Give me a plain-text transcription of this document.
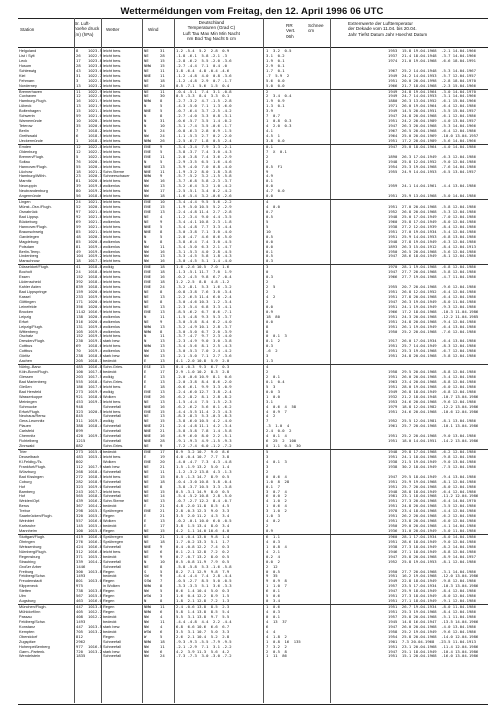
Wetterméldungen vom Freitag, den 12. April 1996 06 UTC
Station
Br. Luft-
hoehe druck
(m) (hPa)
Wetter	Wind
Deutschland
Temperaturen (Grad C)
Luft Tau Max Min Min Nacht
nm Bod Tag Nacht 5 cm
RR
Vert.
06h
Schnee
cm
Extremwerte der Lufttemperatur
der Dekade vom 11.04. bis 20.04.
Jahr Tiefst Datum Jahr Hoechst Datum
Helgoland	8	1023.5 leicht bew.	NE	31	1.2 -5.4  5.2  2.8  0.9	1  3.2  0.5	1953  15.8 19.04.1968  -2.1 14.04.1966
List / Sylt	26 1022.9 leicht bew.	NE	28	-1.8 -6.1  5.8 -2.1 -3	3.1  0.2	1937  21.4 18.04.1948  -3.7 14.04.1966
Leck	17 1023.8 leicht bew.	NE	15	-2.8 -6.2  5.5 -2.0 -3.6	1.9  0.1	1974  21.0 19.04.1968  -6.6 18.04.1991
Husum	28 1023.8 leicht bew.	NNW 15	-2.7 -4.4  7.1  0.4 -0	2.9  0.1
Schleswig	43 1023.0 leicht bew.	NE	11	1.8 -6.4  4.8 -0.4 -4.6	1.7  0.1	1967  25.2 14.04.1948  -5.3 14.04.1967
Kiel	31 1022.7 leicht bew.	NNE 11	-1.2 -4.8  4.0  0.8 -3.6	-7  5.9  2	1949  24.2 14.04.1953  -5.7 12.04.1957
Fehmarn	3	1022.1 leicht bew.	NE	18	-1.2 -4.8  2.9  0.7 -1.7	5.6  0.0	1951  20.0 20.04.1998  -2.8 18.04.1970
Norderney	13 1023.2 leicht bew.	NE	24	0.5 -7.1  5.6  1.5  0.4	5.0  0.0	1966  21.7 18.04.1968  -2.3 15.04.1966
Bremerhaven	11 1022.9 leicht bew.	NE	11	-0.4 -5.1  7.4  3.1 -0.8	2	1949  24.8 19.04.1964  -3.0 14.04.1970
Cuxhaven	12 1022.8 leicht bew.	NE	30	0.5 -3.3  8.4  3.3  0.1	2  3.4  0.4	1949  24.7 14.04.1953  -3.1 14.04.1966
Hamburg-Flugh.	16 1021.9 leicht bew.	NNW 8	-2.7 -3.2  4.7 -1.5 -2.8	1.9  0.9	1880  26.3 13.04.1952  -6.1 15.04.1966
Lübeck	13 1021.9 leicht bew.	N	5	-4.3 -5.0  7.1  1.3 -6.0	1.3  0.1	1971  26.0 19.04.1964  -6.4 12.04.1986
Boltenhagen	15 1021.1 leicht bew.	NNE 5	-0.7 -6.4  3.7 -2.5 -4.2	3.9	1949  14.5 20.04.1951  -5.5 15.04.1957
Schwerin	59 1021.0 leicht bew.	N	8	-2.7 -4.0  3.3  0.8 -3.1	7  0.7	1947  24.8 20.04.1968  -6.1 12.04.1986
Warnemünde	10 1020.3 leicht bew.	N	31	-0.6 -5.7  3.5  1.4 -0.2	1  0.8  0.3	1951  24.2 20.04.1989  -4.0 13.04.1957
Teterow	35 1020.6 leicht bew.	N	10	-3.1 -7.4  3.5 -0.6 -1.7	4  2.0  0.3	1947  26.3 20.04.1968  -5.3 14.04.1966
Berlin	7	1018.2 leicht bew.	N	24	-0.8 -6.3  2.8  0.9 -1.5	4.1	1967  26.5 20.04.1968  -6.4 12.04.1986
Greifswald	6	1018.5 leicht bew.	NW	24	-1.1 -5.3  2.7  0.2 -2.0	4.5  1	1964  25.0 20.04.1969  -10.0 13.04.1957
Ueckermünde	1	1018.1 leicht bew.	NNW 26	-2.5 -6.7  1.8  0.5 -2.4	3.8  0.0	1951  17.2 20.04.1989  -5.6 14.04.1966
Emden	12 1022.8 leicht bew.	ENE 9	-3.4 -3.4  7.9  3.3 -2.1	0.1	1947  25.0 18.04.1964  -4.0 14.04.1986
Oldenburg	12 1022.7 leicht bew.	ENE 5	-3.8 -3.7  7.4  3.0 -4.3	7  X  0.1
Bremen/Flugh.	5	1022.1 leicht bew.	ENE 11	-2.0 -3.8  7.4  3.6 -2.9	2	1890  26.3 17.04.1949  -6.3 12.04.1986
Soltau	76 1020.3 leicht bew.	N	5	-2.9 -3.5  6.5  1.6 -4.6	2	1948  25.8 12.04.1952  -9.0 12.04.1986
Hannover/Flugh.	55 1020.4 leicht bew.	NNE 13	-3.9 -4.0  7.0  0.8 -4.0	0.5  F1	1954  25.3 19.04.1968  -7.6 14.04.1986
Lüchow	18 1021.2 Schn.Sterne	NNE 11	-1.9 -3.2  8.0  1.8 -3.8	9	1955  24.9 14.04.1953  -6.5 13.04.1957
Hamburg/Wilhh.	23 1020.3 Schneeschauer	NNW 9	-5.7 -5.2  3.2 -1.5 -5.8	4.9
Marnitz	81 1020.0 leicht bew.	NW	16	-3.7 -6.8  5.8 -2.3 -3.7	0.1
Neuruppin	39 1019.8 wolkenlos	NW	13	-3.2 -6.4  3.2  1.0 -4.2	0.0	1959  24.1 14.04.1961  -4.4 13.04.1986
Neubrandenburg	80 1019.2 leicht bew.	NW	17	-2.5 -5.1  3.4  0.2 -4.2	4.7  0.0
Angermünde	56 1018.8 leicht bew.	NW	18	-1.6 -5.4  3.2 -0.6 -2.6	0.0	1951  25.9 13.04.1968  -5.0 14.04.1986
Lingen	24 1021.7 leicht bew.	ENE 10	-3.4 -4.4  9.5  5.6 -2.2	4
Münst.-Osn./Flugh.	52 1020.1 leicht bew.	ENE 15	-1.9 -5.0 10.5  5.2 -2.9	4  0.0	1951  27.0 20.04.1968  -5.8 12.04.1986
Osnabrück	97 1021.8 leicht bew.	ENE 13	-2.4 -4.8 11.4  2.7 -2.8	0.7	1952  26.8 20.04.1968  -5.3 12.04.1986
Bad Lippsp.	92 1021.8 leicht bew.	NE	4	-1.2 -3.4  9.0  4.4 -3.5	0.5	1948  25.0 17.04.1949  -7.0 12.04.1986
Bückeburg	69 1021.3 wolkenlos	NE	9	-3.4 -4.1 10.8  2.3 -1.8	5	1960  25.8 17.04.1949  -8.0 12.04.1986
Hannover/Flugh.	59 1021.4 leicht bew.	NNE 5	-3.4 -4.8  7.7  3.3 -4.4	5	1938  27.2 12.04.1939  -8.4 12.04.1986
Braunschweig	85 1021.1 leicht bew.	NNE 8	-3.0 -3.8  7.1  3.0 -4.0	10	1951  27.0 19.04.1934  -5.4 12.04.1986
Gardelegen	48 1020.3 leicht bew.	N	5	-2.0 -4.7  4.6  0.6 -5.0	0.5	1951  25.9 14.04.1953  -6.8 13.04.1986
Magdeburg	85 1020.8 wolkenlos	N	8	-3.8 -6.4  7.4  3.0 -4.5	0.0	1948  27.8 19.04.1949  -6.3 12.04.1986
Potsdam	81 1019.4 wolkenlos	NW	11	-3.4 -5.0  6.3  2.1 -4.7	0.0	1893  26.3 15.04.1912  -8.4 12.04.1913
Berlin-Temp.	49 1019.5 wolkenlos	NW	16	-3.1 -5.3  4.0  2.8 -4.5	0.1	1950  26.5 20.04.1968  -5.6 12.04.1986
Lindenberg	104 1019.2 leicht bew.	NW	13	-3.3 -4.5  5.8  1.8 -4.3	0.5	1947  28.6 18.04.1949  -8.1 12.04.1986
Manschnow	18 1017.3 leicht bew.	NW	16	-3.0 -4.5  5.1  1.4 -4.0	0.3
Düsseldorf/Flugh.	41 1018.8 wolkig	ENE 18	1.6 -2.6 10.5  7.0  1.6	3	1970  28.1 19.04.1968  -6.8 12.04.1986
Bocholt	24 1018.8 leicht bew.	ENE 18	-1.3 -5.1 11.7  7.0  1.9	0	1947  27.7 20.04.1968  -5.8 12.04.1986
Essen	152 1018.6 leicht bew.	ENE 16	-0.2 -4.5  9.8  6.7 -0.4	0.3	1966  27.7 19.04.1968  -4.7 11.04.1986
Lüdenscheid	392 1018.4 leicht bew.	ENE 18	1.2 -2.5  8.8  4.8 -1.2	2
Kahler Asten	839 1018.1 leicht bew.	ENE 24	-3.2 -8.1  5.3  1.6 -3.2	2  5	1955  20.7 20.04.1968  -9.6 12.04.1986
Bad Lippspringe	159 1020.6 leicht bew.	NE	8	-0.8 -3.8  7.6  3.0 -3.4	2	1951  26.8 12.04.1952  -6.4 12.04.1986
Kassel	233 1019.9 leicht bew.	NE	13	-2.2 -6.5 11.4  6.0 -2.4	4  2	1951  27.8 20.04.1968  -6.4 12.04.1986
Göttingen	171 1020.0 leicht bew.	NE	8	-3.0 -4.6 10.3  1.2 -3.4	2	1947  26.3 19.04.1949  -8.0 11.04.1986
Leinefelde	356 1020.0 leicht bew.	NE	13	-2.3 -5.4  6.8  3.3 -4.1	0.0	1951  24.1 19.04.1949  -9.3 12.04.1986
Brocken	1142 1016.9 leicht bew.	ENE 13	-8.5 -6.2  6.7  0.6 -7.1	0.9	1966  17.2 18.04.1968  -10.3 11.04.1986
Leipzig	138 1020.5 wolkenlos	N	11	-1.5 -4.8  9.3  5.3 -3.7	18  80	1951  24.3 20.04.1968  -12.2 11.04.1985
Erfurt	316 1020.0 wolkenlos	NE	9	-3.0 -5.8  8.4  6.2 -4.0	0.0	1951  24.8 20.04.1968  -9.4 12.04.1986
Leipzig/Flugh.	131 1019.8 wolkenlos	NNW 13	-3.2 -4.9 10.1  2.8 -3.7	8	1951  26.1 19.04.1949  -6.4 13.04.1986
Wittenberg	105 1019.0 wolkenlos	NNW 8	-3.0 -5.0  6.7  2.0 -3.9	8	1950  25.2 20.04.1968  -7.6 12.04.1986
Oschatz	152 1019.5 leicht bew.	N	11	-3.7 -4.7  9.7  2.3 -4.0	0  0.1  3
Dresden/Flugh.	230 1019.1 stark bew.	N	13	-2.3 -4.9  9.0  3.0 -3.8	0.1  2	1917  26.0 17.04.1934  -6.4 13.04.1986
Cottbus	69 1018.6 leicht bew.	NNW 13	-3.4 -5.6  8.1  2.5 -4.3	0.3	1951  25.7 14.04.1949  -8.3 12.04.1986
Cottbus	70 1019.4 wolkenlos	NW	13	-3.0 -5.3  7.0  2.4 -4.2	-6  2	1951  25.3 19.04.1968  -6.7 12.04.1986
Görlitz	238 1018.8 stark bew.	NW	13	-2.1 -5.0  7.1  2.7 -3.6	3	1951  24.8 20.04.1968  -5.8 12.04.1986
Aachen	205 1018.3 bedeckt	E	13	4.1 -2.0 10.8  5.9  2.0	1.3
Nürbg.-Barw.	485 1016.8 Schn.Gries.	ESE 13	0.4 -0.3  9.3  6.7  0.3	4
Köln-Bonn/Flugh.	100 1017.8 bedeckt	E	17	2.9 -1.0 10.2  8.3  2.8	2	1958  29.5 20.04.1968  -8.8 12.04.1986
Giessen	203 1017.5 wolkig	E	13	-2.0 -0.6 10.9  8.1  0.6	2  0.1	1951  26.0 20.04.1968  -5.4 12.04.1986
Bad Marienberg	555 1018.4 Schn.Gries.	E	13	-2.0 -3.8  8.4  8.6 -2.0	0.1  0.4	1963  23.4 20.04.1968  -8.8 12.04.1986
Gießen	186 1017.6 leicht bew.	E	18	-0.6 -6.1  9.9  3.3 -0.9	5  3	1951  28.0 19.04.1968  -6.0 12.04.1986
Bad Hersfeld	273 1019.9 wolkig	ENE 13	-2.4 -6.0 12.7  3.8 -2.4	0.0  3	1949  26.8 18.04.1949  -6.8 12.04.1986
Wasserkuppe	921 1018.0 Wolken	ENE 26	-6.2 -8.2  8.1  2.8 -8.2	1  0.0	1932  21.2 18.04.1948  -10.7 13.04.1986
Meiningen	453 1019.3 leicht bew.	NE	13	-1.5 -4.4  7.5  1.5 -2.3	3.1	1953  24.6 20.04.1968  -9.6 12.04.1986
Schmucke	948	Schneefall	NNE 16	-6.2 -6.2  5.6  0.1 -6.2	4  0.6  4  58	1979  18.8 12.04.1982  -12.2 13.04.1986
Erfurt/Flugh.	323 1020.5 leicht bew.	ENE 15	-4.4 -5.5 11.4  2.3 -4.3	4  0.9  7	1951  24.6 20.04.1968  -10.6 12.04.1986
Neuhaus/Renw.	845	Schneefall	NE	13	-8.3 -8.3  5.3 -0.3 -8.3	4  2
Gera-Leumnitz	311 1019.3 wolkig	NE	15	-3.8 -6.0 10.5  4.2 -4.0	7	1952  25.5 12.04.1981  -8.1 13.04.1986
Plauen	388 1018.4 Schneefall	NNE 21	-2.4 -4.8 11.1  4.2 -3.4	-3  1.0  4	1961  25.7 20.04.1968  -10.1 13.04.1986
Carlsfeld	899	Schneefall	NNE 21	-5.8 -5.8  7.8  1.4 -5.8	2.4  0.0  2
Chemnitz	420 1019.3 Schneefall	NNE 16	-4.9 -6.0  8.0  2.2 -5.1	4  0.1  4	1951  25.2 20.04.1968  -9.0 13.04.1986
Fichtelberg	1215	Schneefall	NNE 28	-9.1 -9.3  4.9 -1.5 -9.3	6  25  2  100	1951  18.0 14.04.1951  -14.2 13.04.1986
Zinnwald	882	Schn.Gries.	NE	9	-7.2 -7.4  6.0 -1.2 -7.2	8  1.1  0.5  30
Trier	273 1015.0 bedeckt	ENE 17	8.9  3.2 10.7  9.0  8.6	5	1948  29.8 17.04.1968  -6.2 12.04.1986
Deuselbach	483 1015.1 leicht bew.	E	19	4.0 -0.4 10.7  7.7  3.8	3	1951  24.1 18.04.1968  -9.8 12.04.1986
KI.Feldbg./Ts.	802	Wolken	ENE 20	-4.0 -4.7  7.3  4.3 -4.8	4  0.1  3	1938  21.5 19.04.1949  -9.0 13.04.1986
Frankfurt/Flugh.	112 1017.9 stark bew.	NE	21	1.5 -1.9 13.2  5.0  1.4	3	1938  30.2 18.04.1949  -7.5 12.04.1986
Würzburg	268 1018.4 Schneefall	NE	11	-1.2 -3.2 13.8  4.3 -1.3	2
Bad Kissingen	272 1018.5 leicht bew.	NE	15	0.5 -1.3 14.7  8.9  0.5	0  0.6  4	1947  29.5 18.04.1949  -9.4 13.04.1986
Coburg	282 1018.9 Schneefall	NE	18	-0.4 -3.0 10.8  5.8 -0.4	1.0  8  28	1951  25.9 19.04.1968  -8.1 12.04.1986
Hof	323 1019.0 Schneefall	NE	8	-3.8 -3.7 10.5  3.3 -3.8	0.1  7	1951  25.7 20.04.1968  -8.0 12.04.1986
Bamberg	243 1017.2 leicht bew.	NE	15	0.5 -3.1 14.9  8.0  0.5	3  0.7  4	1948  28.8 18.04.1949  -6.4 12.04.1986
Hof	565 1018.3 Schneefall	NE	14	-5.4 -5.2 10.8  2.8 -5.0	6  0.0  2	1981  23.1 18.04.1968  -11.2 12.04.1986
Weiden/Opf.	439 1016.2 Schn.Sterne	NE	13	-0.7 -2.7 12.2  8.4 -0.7	4  1.0  2	1951  27.3 20.04.1968  -6.4 14.04.1970
Berus	367 1014.2 bedeckt	E	21	4.8 -2.0 11.8  8.5  4.5	1  0.6  4	1951  24.8 20.04.1968  -3.5 12.04.1986
Trebur	298 1015.3 Sprühregen	ENE 21	2.8 -0.3 12.3  9.0  3.3	3  1.0  2	1978  23.4 18.04.1968  -4.4 12.04.1986
Saarbrücken/Flugh.	320 1015.3 Regen	E	21	3.5  2.0 11.2  4.3  3.4	1.0  3	1951  26.2 20.04.1968  -6.2 12.04.1986
Weinbiet	557 1016.0 Wolken	E	13	-0.2 -0.1 10.0  6.0 -0.5	4  0.2	1951  23.8 20.04.1968  -6.0 12.04.1986
Karlsruhe	145 1015.4 bedeckt	E	17	3.8  1.5 13.4  8.0  3.4	2	1950  29.0 20.04.1968  -4.1 14.04.1986
Mannheim	100 1015.8 Regen	NE	15	4.2  1.1 14.0 10.6  4.0	0.9	1936  31.0 20.04.1949  -5.0 11.04.1986
Stuttgart/Flugh.	419 1016.0 Sprühregen	NE	21	1.4 -0.4 13.0  9.8  1.4	6  1.1	1960  28.1 17.04.1934  -8.0 14.04.1986
Öhringen	276 1016.3 Sprühregen	NE	18	1.7 -0.2 13.3  5.1  1.7	4  0.3	1951  28.6 18.04.1949  -9.0 12.04.1986
Weissenburg	424 1016.8 Schneefall	NNE 9	0.4 -0.8 12.2  7.4  0.3	1  0.8  4	1938  27.3 18.04.1949  -8.2 14.04.1986
Nürnberg/Flugh.	312 1016.8 leicht bew.	NE	6	0.1 -2.1 12.8  7.2  0.2	4  2.1	1946  27.1 18.04.1949  -8.8 12.04.1986
Regensburg	371 1015.7 bedeckt	NE	9	0.7 -0.7 13.2  8.0  0.5	0.2  4	1947  25.8 20.04.1968  -8.9 14.04.1957
Straubing	339 1014.2 Schneefall	N	10	0.5 -0.8 11.9  7.9  0.5	0.0  2	1952  25.8 19.04.1953  -8.1 12.04.1986
Großer Arber	1446	Schneefall	NE	8	-5.8 -5.8  5.3 -1.6 -5.8	2  12
Freiburg	300 1013.8 Regen	S	5	8.2  7.1 12.9  9.8  7.9	0  0.5	1950  27.7 20.04.1968  -3.1 14.04.1986
Feldberg/Schw.	1493	bedeckt	SW	9	-4.4 -4.4  7.4  2.8 -4.4	9  35	1951  16.2 19.04.1968  -12.0 13.04.1986
Freudenstadt	801 1013.0 Regen	SSW 7	-0.5 -2.7  8.5  5.0 -0.5	9  0.9  8	1949  22.8 18.04.1949  -9.8 12.04.1986
Klippeneck	975	in Wolken	NNW 8	-3.3 -3.3  5.1  3.6 -3.3	1  1.0  7	1957  23.5 17.04.1934  -10.3 13.04.1986
Stetten	738 1013.8 Regen	NW	5	0.6  1.4 10.4  5.0  0.3	6  0.1	1947  25.9 18.04.1949  -8.4 12.04.1986
Ulm	567 1015.8 Regen	WSW 3	1.6  0.4 12.2  8.9  1.5	5  0.6	1951  27.3 18.04.1949  -8.0 12.04.1986
Augsburg	463 1016.0 Regen	N	8	1.8  2.1 12.8  7.2  1.3	0  3.4	1951  27.1 18.04.1949  -9.1 12.04.1986
München/Flugh.	447 1013.8 Regen	NNW 11	2.4 -0.6 13.8  8.5  2.3	1  0.6	1951  26.7 19.04.1934  -8.0 11.04.1986
Mühldorf/Inn	405 1012.7 Regen	NNW 6	5.8  1.4 13.8  8.5  5.4	4  0.3	1951  25.3 19.04.1968  -8.4 12.04.1986
Passau	408 1012.2 bedeckt	NW	4	5.5  3.1 13.8  9.7  5.5	0  0.1	1957  25.8 20.04.1968  -5.1 11.04.1986
Feldberg/Schw.	1493	bedeckt	NW	11	-4.4 -4.8  4.4  2.2 -4.4	4  13  37	1945  14.8 16.04.1947  -13.5 14.04.1966
Konstanz	447 1013.5 stark bew.	NW	4	6.8  6.6 10.6  6.6  6.7	6	1947  26.0 20.04.1968  -4.0 13.04.1986
Kempten	705 1013.2 bedeckt	WSW 6	3.5  3.1 10.7  5.0  3.3	4  4	1958  25.2 19.04.1949  -9.6 12.04.1986
Oberstdorf	812	Regen	W	5	2.6  2.1 10.4  5.2  2.8	4  1.8  2	1954  25.8 20.04.1968  -14.0 12.04.1986
Zugspitze	2962	Schneefall	NNW 18	-9.3 -9.3 -5.5 -7.9 -9.5	1  0.8  16  135	1901  7.3 20.04.1968  -23.5 11.04.1913
Hohenpeißenberg	977 1016.5 Schneefall	NW	11	-2.1 -2.9  7.1  3.1 -2.2	7  3.2  2	1951  23.1 20.04.1968  -11.4 12.04.1986
Garm.-Partenk.	720 1013.2 stark bew.	NW	6	4.2  3.9 11.3  5.6  4.2	2  0.5  8	1947  25.1 18.04.1949  -10.4 13.04.1986
Wendelstein	1835	Schneefall	NW	24	-7.3 -7.3  3.0 -3.0 -7.2	1  11  86	1951  15.1 20.04.1968  -16.0 13.04.1986
